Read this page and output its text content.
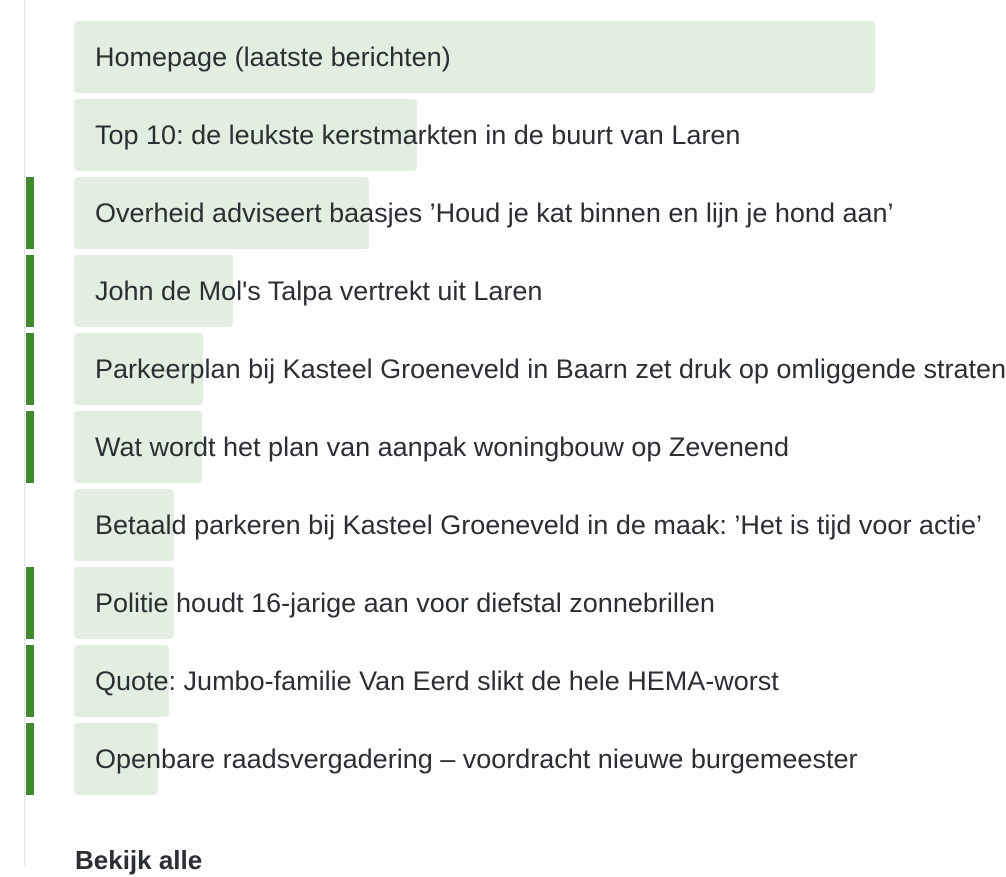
Homepage (laatste berichten)
Top 10: de leukste kerstmarkten in de buurt van Laren
Overheid adviseert baasjes ’Houd je kat binnen en lijn je hond aan’
John de Mol's Talpa vertrekt uit Laren
Parkeerplan bij Kasteel Groeneveld in Baarn zet druk op omliggende straten
Wat wordt het plan van aanpak woningbouw op Zevenend
Betaald parkeren bij Kasteel Groeneveld in de maak: ’Het is tijd voor actie’
Politie houdt 16-jarige aan voor diefstal zonnebrillen
Quote: Jumbo-familie Van Eerd slikt de hele HEMA-worst
Openbare raadsvergadering – voordracht nieuwe burgemeester
Bekijk alle
